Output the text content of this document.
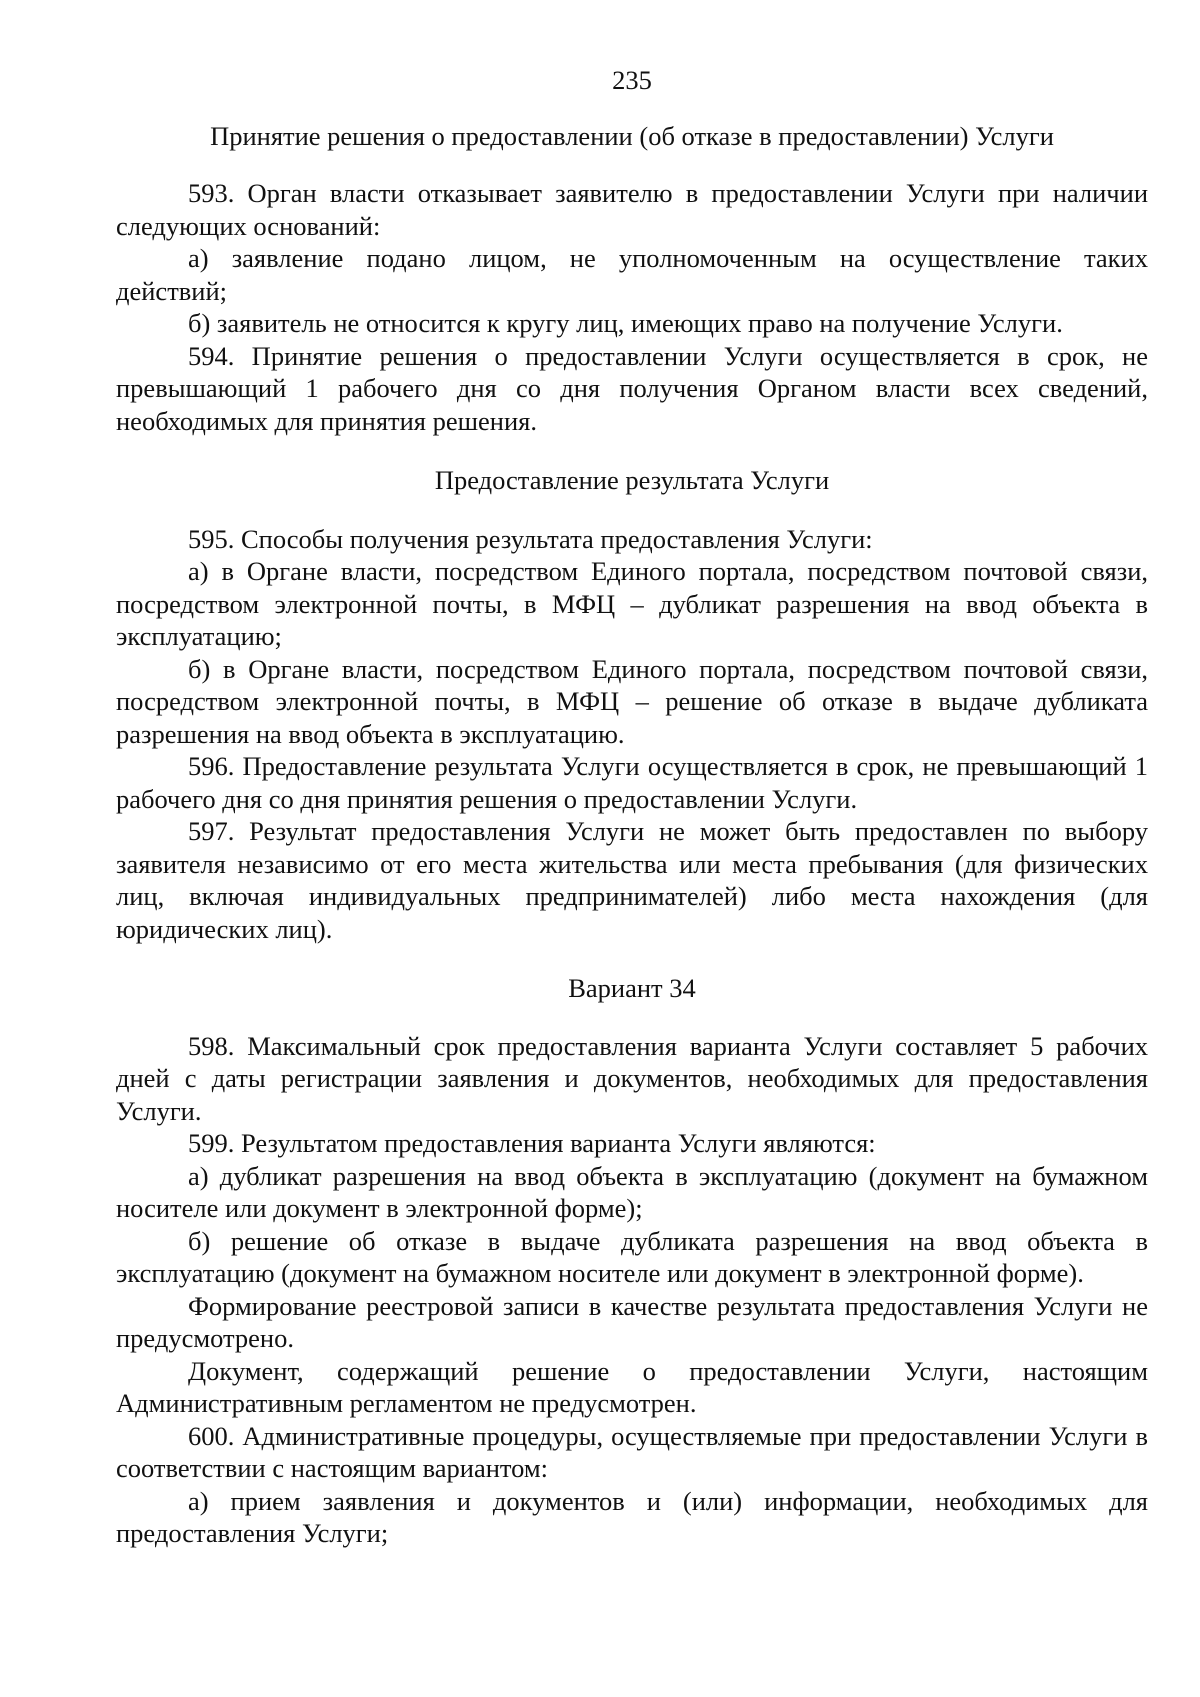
235

Принятие решения о предоставлении (об отказе в предоставлении) Услуги

593. Орган власти отказывает заявителю в предоставлении Услуги при наличии следующих оснований:

а) заявление подано лицом, не уполномоченным на осуществление таких действий;

б) заявитель не относится к кругу лиц, имеющих право на получение Услуги.

594. Принятие решения о предоставлении Услуги осуществляется в срок, не превышающий 1 рабочего дня со дня получения Органом власти всех сведений, необходимых для принятия решения.

Предоставление результата Услуги

595. Способы получения результата предоставления Услуги:

а) в Органе власти, посредством Единого портала, посредством почтовой связи, посредством электронной почты, в МФЦ – дубликат разрешения на ввод объекта в эксплуатацию;

б) в Органе власти, посредством Единого портала, посредством почтовой связи, посредством электронной почты, в МФЦ – решение об отказе в выдаче дубликата разрешения на ввод объекта в эксплуатацию.

596. Предоставление результата Услуги осуществляется в срок, не превышающий 1 рабочего дня со дня принятия решения о предоставлении Услуги.

597. Результат предоставления Услуги не может быть предоставлен по выбору заявителя независимо от его места жительства или места пребывания (для физических лиц, включая индивидуальных предпринимателей) либо места нахождения (для юридических лиц).

Вариант 34

598. Максимальный срок предоставления варианта Услуги составляет 5 рабочих дней с даты регистрации заявления и документов, необходимых для предоставления Услуги.

599. Результатом предоставления варианта Услуги являются:

а) дубликат разрешения на ввод объекта в эксплуатацию (документ на бумажном носителе или документ в электронной форме);

б) решение об отказе в выдаче дубликата разрешения на ввод объекта в эксплуатацию (документ на бумажном носителе или документ в электронной форме).

Формирование реестровой записи в качестве результата предоставления Услуги не предусмотрено.

Документ, содержащий решение о предоставлении Услуги, настоящим Административным регламентом не предусмотрен.

600. Административные процедуры, осуществляемые при предоставлении Услуги в соответствии с настоящим вариантом:

а) прием заявления и документов и (или) информации, необходимых для предоставления Услуги;
